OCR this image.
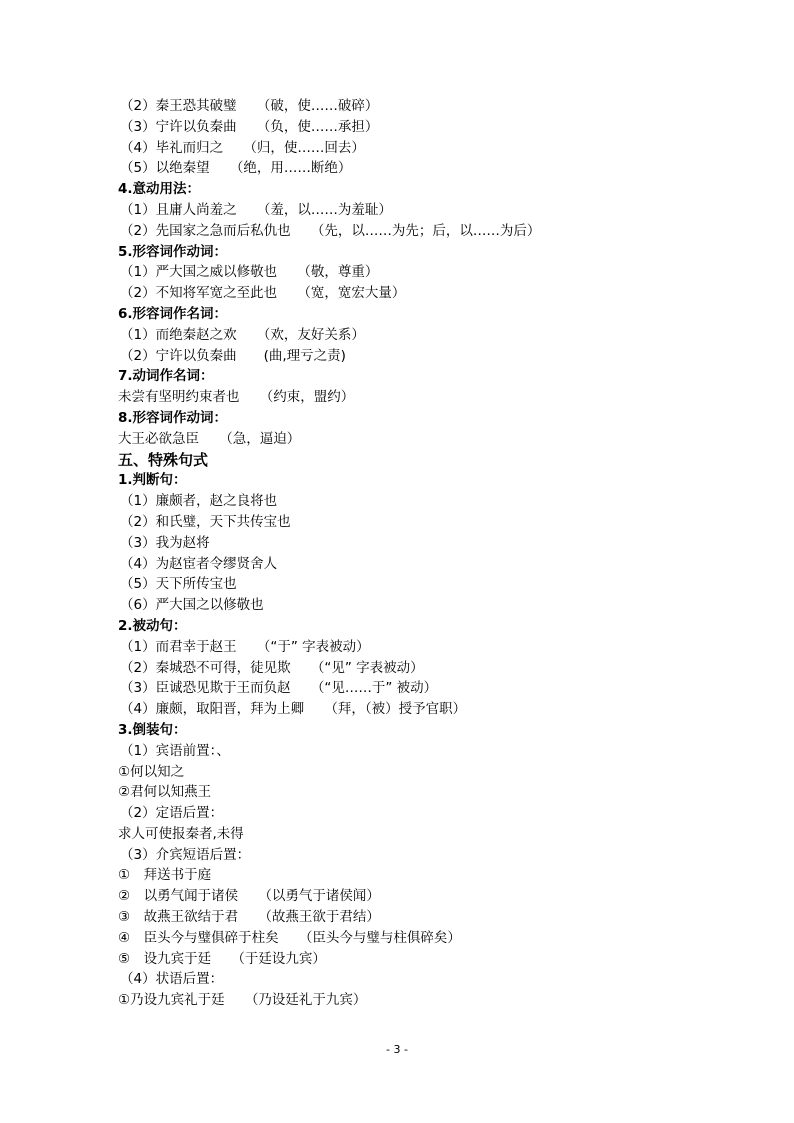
（2）秦王恐其破璧　　（破，使……破碎）
（3）宁许以负秦曲　　（负，使……承担）
（4）毕礼而归之　　（归，使……回去）
（5）以绝秦望　　（绝，用……断绝）
4.意动用法：
（1）且庸人尚羞之　　（羞，以……为羞耻）
（2）先国家之急而后私仇也　　（先，以……为先；后，以……为后）
5.形容词作动词：
（1）严大国之威以修敬也　　（敬，尊重）
（2）不知将军宽之至此也　　（宽，宽宏大量）
6.形容词作名词：
（1）而绝秦赵之欢　　（欢，友好关系）
（2）宁许以负秦曲　　(曲,理亏之责)
7.动词作名词：
未尝有坚明约束者也　　（约束，盟约）
8.形容词作动词：
大王必欲急臣　　（急，逼迫）
五、特殊句式
1.判断句：
（1）廉颇者，赵之良将也
（2）和氏璧，天下共传宝也
（3）我为赵将
（4）为赵宦者令缪贤舍人
（5）天下所传宝也
（6）严大国之以修敬也
2.被动句：
（1）而君幸于赵王　　（“于” 字表被动）
（2）秦城恐不可得，徒见欺　　（“见” 字表被动）
（3）臣诚恐见欺于王而负赵　　（“见……于” 被动）
（4）廉颇，取阳晋，拜为上卿　　（拜，（被）授予官职）
3.倒装句：
（1）宾语前置：、
①何以知之
②君何以知燕王
（2）定语后置：
求人可使报秦者,未得
（3）介宾短语后置：
①　拜送书于庭
②　以勇气闻于诸侯　　（以勇气于诸侯闻）
③　故燕王欲结于君　　（故燕王欲于君结）
④　臣头今与璧俱碎于柱矣　　（臣头今与璧与柱俱碎矣）
⑤　设九宾于廷　　（于廷设九宾）
（4）状语后置：
①乃设九宾礼于廷　　（乃设廷礼于九宾）
- 3 -
